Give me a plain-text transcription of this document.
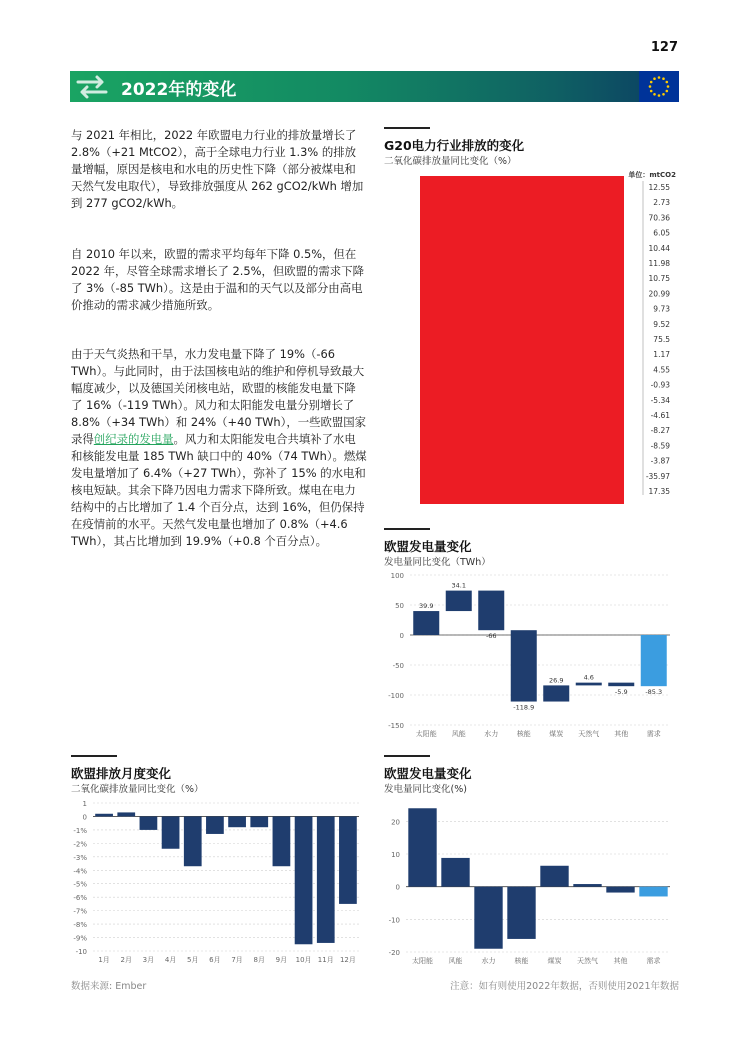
127
2022年的变化
与 2021 年相比，2022 年欧盟电力行业的排放量增长了 2.8%（+21 MtCO2），高于全球电力行业 1.3% 的排放量增幅，原因是核电和水电的历史性下降（部分被煤电和天然气发电取代），导致排放强度从 262 gCO2/kWh 增加到 277 gCO2/kWh。
自 2010 年以来，欧盟的需求平均每年下降 0.5%，但在 2022 年，尽管全球需求增长了 2.5%，但欧盟的需求下降了 3%（-85 TWh）。这是由于温和的天气以及部分由高电价推动的需求减少措施所致。
由于天气炎热和干旱，水力发电量下降了 19%（-66 TWh）。与此同时，由于法国核电站的维护和停机导致最大幅度减少，以及德国关闭核电站，欧盟的核能发电量下降了 16%（-119 TWh）。风力和太阳能发电量分别增长了 8.8%（+34 TWh）和 24%（+40 TWh），一些欧盟国家录得创纪录的发电量。风力和太阳能发电合共填补了水电和核能发电量 185 TWh 缺口中的 40%（74 TWh）。燃煤发电量增加了 6.4%（+27 TWh），弥补了 15% 的水电和核电短缺。其余下降乃因电力需求下降所致。煤电在电力结构中的占比增加了 1.4 个百分点，达到 16%，但仍保持在疫情前的水平。天然气发电量也增加了 0.8%（+4.6 TWh），其占比增加到 19.9%（+0.8 个百分点）。
G20电力行业排放的变化
二氧化碳排放量同比变化（%）
单位：mtCO2
12.55
2.73
70.36
6.05
10.44
11.98
10.75
20.99
9.73
9.52
75.5
1.17
4.55
-0.93
-5.34
-4.61
-8.27
-8.59
-3.87
-35.97
17.35
欧盟发电量变化
发电量同比变化（TWh）
100
50
0
-50
-100
-150
39.9
太阳能
34.1
风能
-66
水力
-118.9
核能
26.9
煤炭
4.6
天然气
-5.9
其他
-85.3
需求
欧盟排放月度变化
二氧化碳排放量同比变化（%）
1
0
-1%
-2%
-3%
-4%
-5%
-6%
-7%
-8%
-9%
-10
1月 2月 3月 4月 5月 6月 7月 8月 9月 10月 11月 12月
欧盟发电量变化
发电量同比变化(%)
20
10
0
-10
-20
太阳能 风能	水力	核能	煤炭 天然气 其他	需求
数据来源: Ember	注意：如有则使用2022年数据，否则使用2021年数据
